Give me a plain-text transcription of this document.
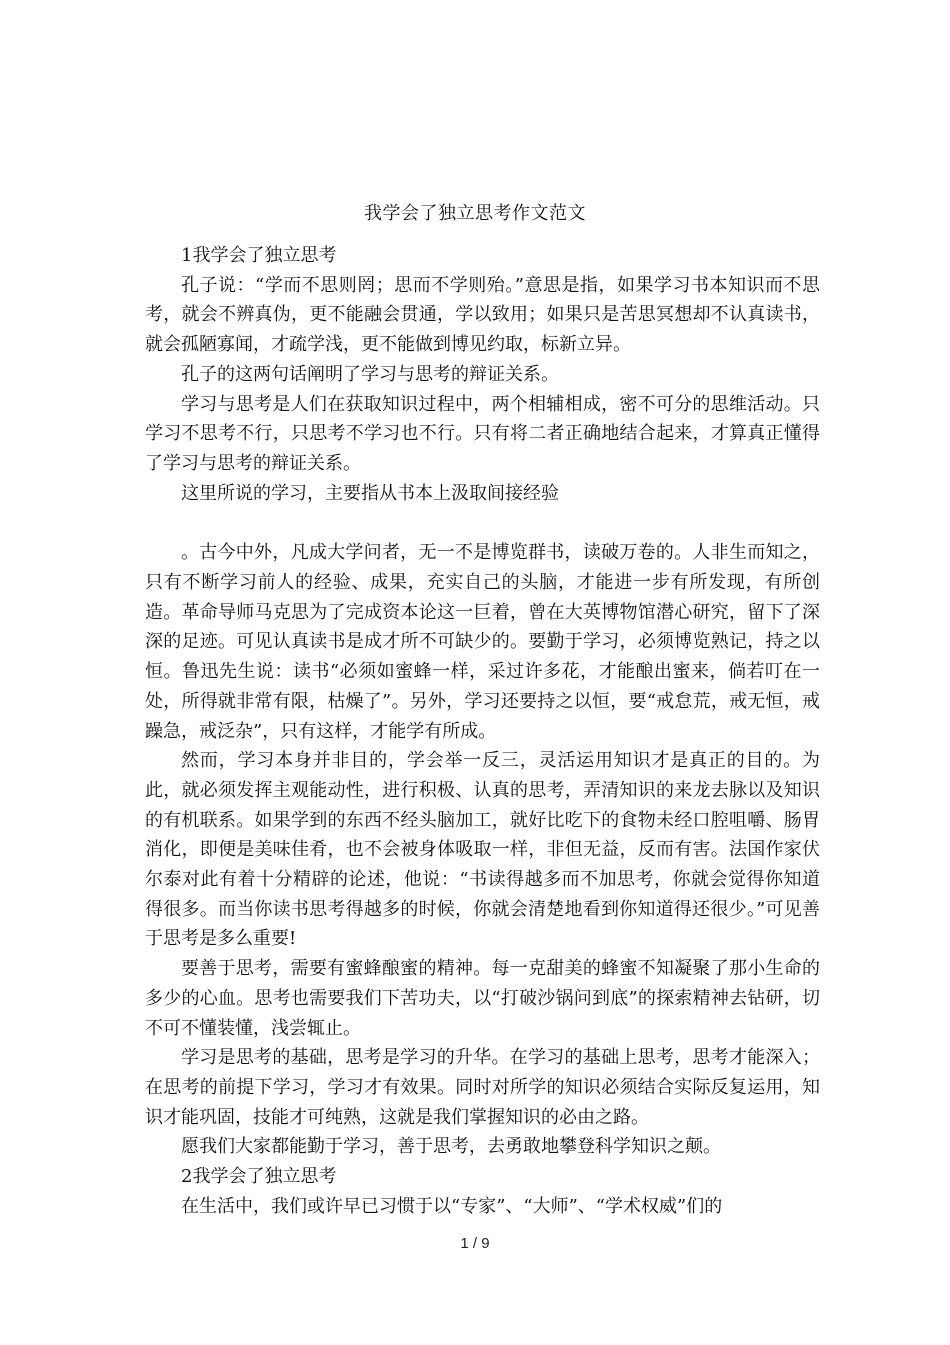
我学会了独立思考作文范文

1我学会了独立思考

孔子说：“学而不思则罔；思而不学则殆。”意思是指，如果学习书本知识而不思考，就会不辨真伪，更不能融会贯通，学以致用；如果只是苦思冥想却不认真读书，就会孤陋寡闻，才疏学浅，更不能做到博见约取，标新立异。

孔子的这两句话阐明了学习与思考的辩证关系。

学习与思考是人们在获取知识过程中，两个相辅相成，密不可分的思维活动。只学习不思考不行，只思考不学习也不行。只有将二者正确地结合起来，才算真正懂得了学习与思考的辩证关系。

这里所说的学习，主要指从书本上汲取间接经验

。古今中外，凡成大学问者，无一不是博览群书，读破万卷的。人非生而知之，只有不断学习前人的经验、成果，充实自己的头脑，才能进一步有所发现，有所创造。革命导师马克思为了完成资本论这一巨着，曾在大英博物馆潜心研究，留下了深深的足迹。可见认真读书是成才所不可缺少的。要勤于学习，必须博览熟记，持之以恒。鲁迅先生说：读书“必须如蜜蜂一样，采过许多花，才能酿出蜜来，倘若叮在一处，所得就非常有限，枯燥了”。另外，学习还要持之以恒，要“戒怠荒，戒无恒，戒躁急，戒泛杂”，只有这样，才能学有所成。

然而，学习本身并非目的，学会举一反三，灵活运用知识才是真正的目的。为此，就必须发挥主观能动性，进行积极、认真的思考，弄清知识的来龙去脉以及知识的有机联系。如果学到的东西不经头脑加工，就好比吃下的食物未经口腔咀嚼、肠胃消化，即便是美味佳肴，也不会被身体吸取一样，非但无益，反而有害。法国作家伏尔泰对此有着十分精辟的论述，他说：“书读得越多而不加思考，你就会觉得你知道得很多。而当你读书思考得越多的时候，你就会清楚地看到你知道得还很少。”可见善于思考是多么重要!

要善于思考，需要有蜜蜂酿蜜的精神。每一克甜美的蜂蜜不知凝聚了那小生命的多少的心血。思考也需要我们下苦功夫，以“打破沙锅问到底”的探索精神去钻研，切不可不懂装懂，浅尝辄止。

学习是思考的基础，思考是学习的升华。在学习的基础上思考，思考才能深入；在思考的前提下学习，学习才有效果。同时对所学的知识必须结合实际反复运用，知识才能巩固，技能才可纯熟，这就是我们掌握知识的必由之路。

愿我们大家都能勤于学习，善于思考，去勇敢地攀登科学知识之颠。

2我学会了独立思考

在生活中，我们或许早已习惯于以“专家”、“大师”、“学术权威”们的

1 / 9
